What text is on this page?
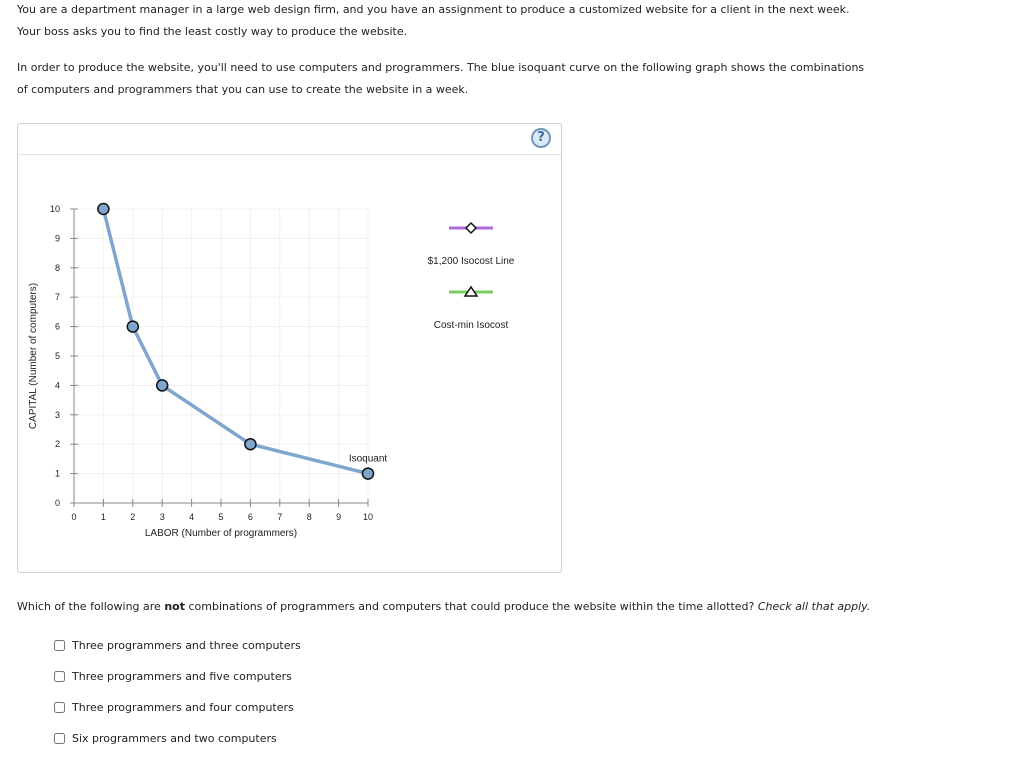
You are a department manager in a large web design firm, and you have an assignment to produce a customized website for a client in the next week.

Your boss asks you to find the least costly way to produce the website.

In order to produce the website, you'll need to use computers and programmers. The blue isoquant curve on the following graph shows the combinations

of computers and programmers that you can use to create the website in a week.

?
0	1	2	3	4	5	6	7	8	9 10
0
1
2
3
4
5
6
7
8
9
10
LABOR (Number of programmers)
CAPITAL (Number of computers)
Isoquant
$1,200 Isocost Line
Cost-min Isocost
Which of the following are not combinations of programmers and computers that could produce the website within the time allotted? Check all that apply.
Three programmers and three computers
Three programmers and five computers
Three programmers and four computers
Six programmers and two computers
